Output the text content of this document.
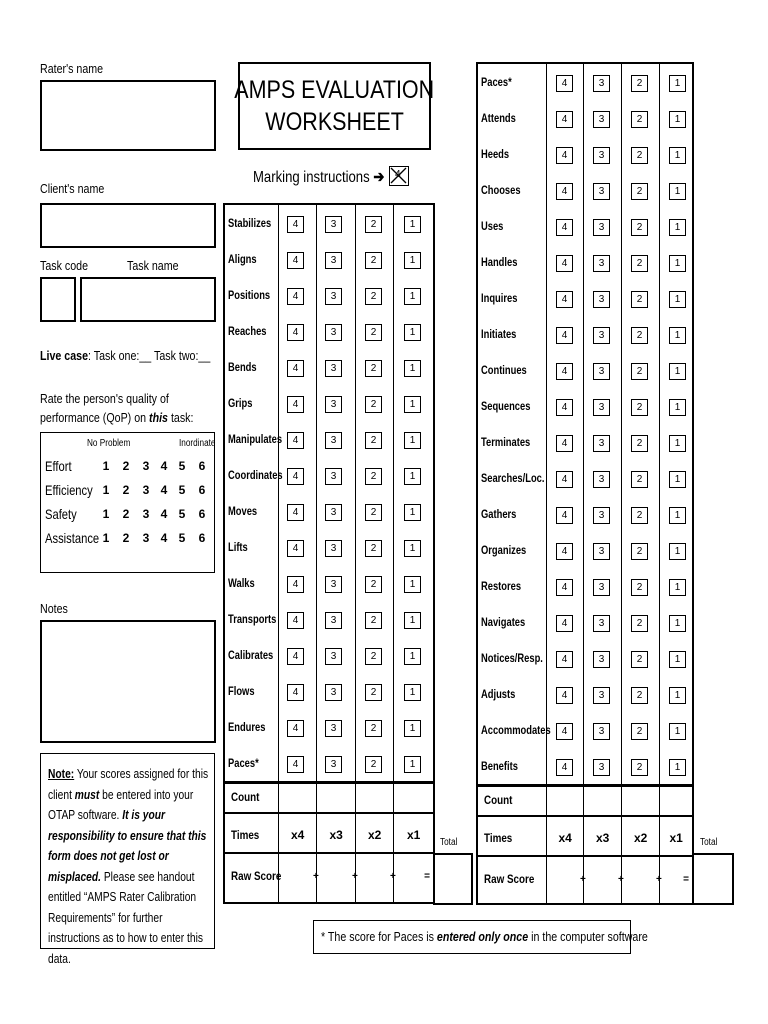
Rater's name
Client's name
Task code	Task name
Live case: Task one:__ Task two:__
Rate the person's quality of
performance (QoP) on this task:
No Problem	Inordinate
Effort	1 2 3 4 5 6
Efficiency 1 2 3 4 5 6
Safety	1 2 3 4 5 6
Assistance 1 2 3 4 5 6
Notes
Note: Your scores assigned for this client must be entered into your OTAP software. It is your responsibility to ensure that this form does not get lost or misplaced. Please see handout entitled “AMPS Rater Calibration Requirements” for further instructions as to how to enter this data.
AMPS EVALUATION
WORKSHEET
Marking instructions ➔	4
Stabilizes	4	3	2	1
Aligns	4	3	2	1
Positions	4	3	2	1
Reaches	4	3	2	1
Bends	4	3	2	1
Grips	4	3	2	1
Manipulates	4	3	2	1
Coordinates	4	3	2	1
Moves	4	3	2	1
Lifts	4	3	2	1
Walks	4	3	2	1
Transports	4	3	2	1
Calibrates	4	3	2	1
Flows	4	3	2	1
Endures	4	3	2	1
Paces*	4	3	2	1
Count
Times
Raw Score
x4 x3 x2 x1
+	+	+	=
Total
Paces*	4	3	2	1
Attends	4	3	2	1
Heeds	4	3	2	1
Chooses	4	3	2	1
Uses	4	3	2	1
Handles	4	3	2	1
Inquires	4	3	2	1
Initiates	4	3	2	1
Continues	4	3	2	1
Sequences	4	3	2	1
Terminates	4	3	2	1
Searches/Loc.	4	3	2	1
Gathers	4	3	2	1
Organizes	4	3	2	1
Restores	4	3	2	1
Navigates	4	3	2	1
Notices/Resp.	4	3	2	1
Adjusts	4	3	2	1
Accommodates	4	3	2	1
Benefits	4	3	2	1
Count
Times
Raw Score
x4 x3 x2 x1
+	+	+ =
Total
* The score for Paces is entered only once in the computer software
